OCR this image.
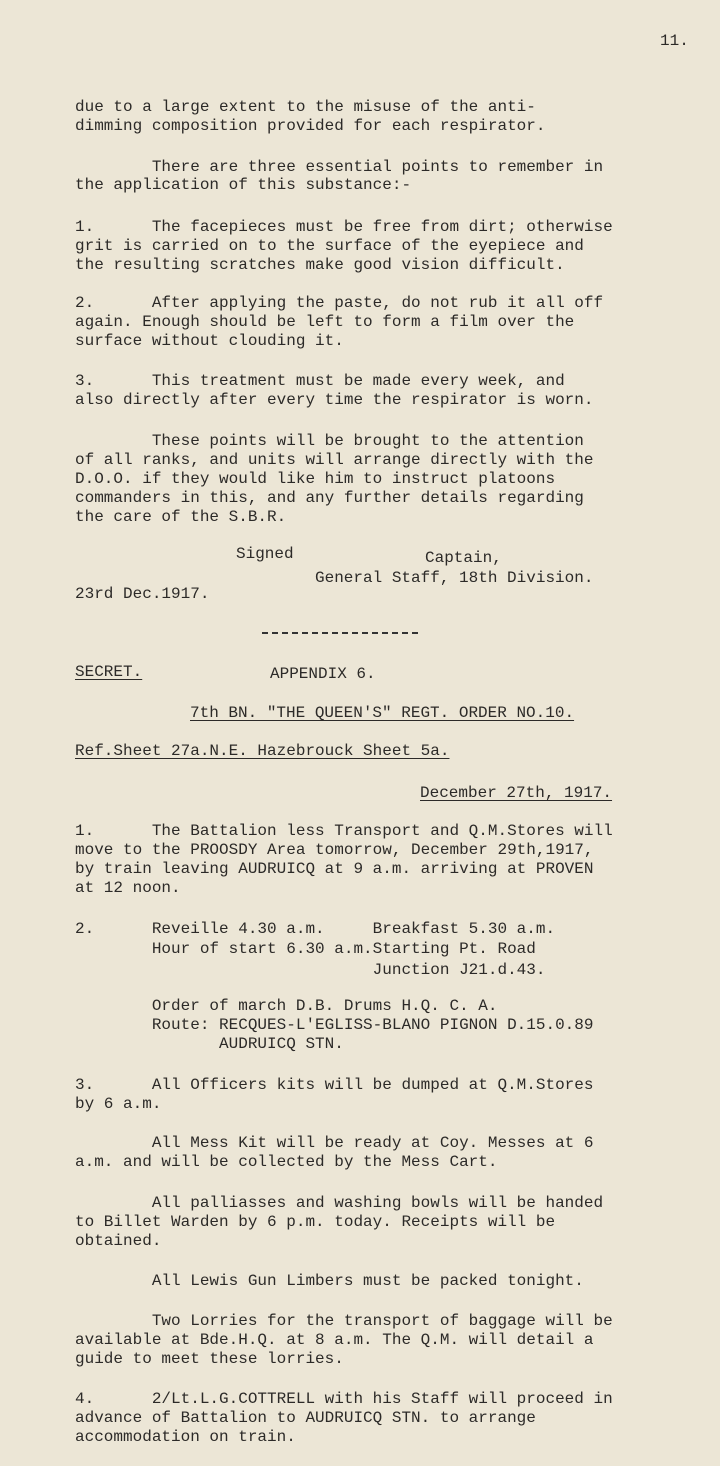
11.
due to a large extent to the misuse of the anti-
dimming composition provided for each respirator.
There are three essential points to remember in
the application of this substance:-
1.      The facepieces must be free from dirt; otherwise
grit is carried on to the surface of the eyepiece and
the resulting scratches make good vision difficult.
2.      After applying the paste, do not rub it all off
again. Enough should be left to form a film over the
surface without clouding it.
3.      This treatment must be made every week, and
also directly after every time the respirator is worn.
These points will be brought to the attention
of all ranks, and units will arrange directly with the
D.O.O. if they would like him to instruct platoons
commanders in this, and any further details regarding
the care of the S.B.R.
Signed	Captain,
General Staff, 18th Division.
23rd Dec.1917.
SECRET.	APPENDIX 6.
7th BN. "THE QUEEN'S" REGT. ORDER NO.10.
Ref.Sheet 27a.N.E. Hazebrouck Sheet 5a.
December 27th, 1917.
1.      The Battalion less Transport and Q.M.Stores will
move to the PROOSDY Area tomorrow, December 29th,1917,
by train leaving AUDRUICQ at 9 a.m. arriving at PROVEN
at 12 noon.
2.      Reveille 4.30 a.m.     Breakfast 5.30 a.m.
Hour of start 6.30 a.m.Starting Pt. Road
Junction J21.d.43.
Order of march D.B. Drums H.Q. C. A.
Route: RECQUES-L'EGLISS-BLANO PIGNON D.15.0.89
AUDRUICQ STN.
3.      All Officers kits will be dumped at Q.M.Stores
by 6 a.m.
All Mess Kit will be ready at Coy. Messes at 6
a.m. and will be collected by the Mess Cart.
All palliasses and washing bowls will be handed
to Billet Warden by 6 p.m. today. Receipts will be
obtained.
All Lewis Gun Limbers must be packed tonight.
Two Lorries for the transport of baggage will be
available at Bde.H.Q. at 8 a.m. The Q.M. will detail a
guide to meet these lorries.
4.      2/Lt.L.G.COTTRELL with his Staff will proceed in
advance of Battalion to AUDRUICQ STN. to arrange
accommodation on train.
